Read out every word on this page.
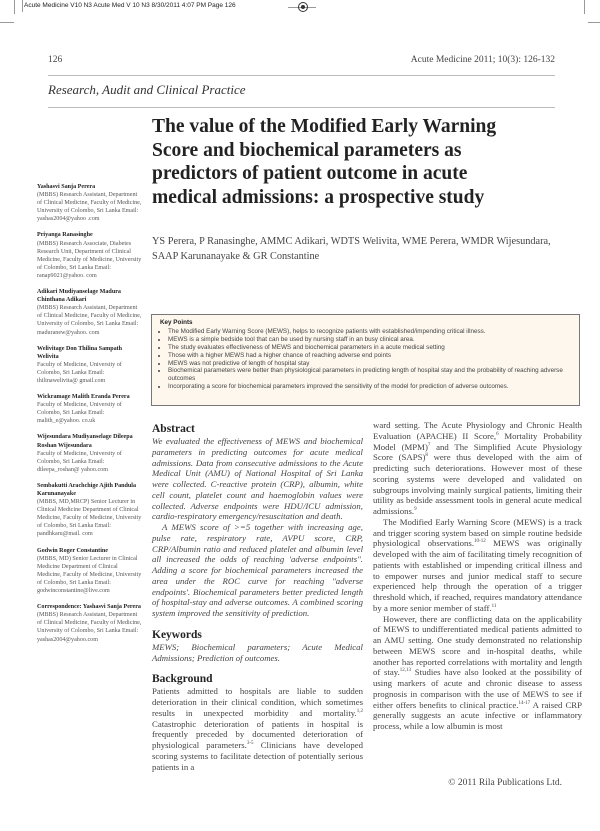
Acute Medicine V10 N3 Acute Med V 10 N3 8/30/2011 4:07 PM Page 126
126	Acute Medicine 2011; 10(3): 126-132
Research, Audit and Clinical Practice
The value of the Modified Early Warning Score and biochemical parameters as predictors of patient outcome in acute medical admissions: a prospective study
YS Perera, P Ranasinghe, AMMC Adikari, WDTS Welivita, WME Perera, WMDR Wijesundara, SAAP Karunanayake & GR Constantine
Yashasvi Sanja Perera
(MBBS) Research Assistant, Department of Clinical Medicine, Faculty of Medicine, University of Colombo, Sri Lanka Email: yashas2004@yahoo .com
Priyanga Ranasinghe
(MBBS) Research Associate, Diabetes Research Unit, Department of Clinical Medicine, Faculty of Medicine, University of Colombo, Sri Lanka Email: ranap9021@yahoo. com
Adikari Mudiyanselage Madura Chinthana Adikari
(MBBS) Research Assistant, Department of Clinical Medicine, Faculty of Medicine, University of Colombo, Sri Lanka Email: maduranew@yahoo. com
Welivitage Don Thilina Sampath Welivita
Faculty of Medicine, University of Colombo, Sri Lanka Email: thilinawelivita@ gmail.com
Wickramage Malith Eranda Perera
Faculty of Medicine, University of Colombo, Sri Lanka Email: malith_e@yahoo. co.uk
Wijesundara Mudiyanselage Dileepa Roshan Wijesundara
Faculty of Medicine, University of Colombo, Sri Lanka Email: dileepa_roshan@ yahoo.com
Sembakutti Arachchige Ajith Pandula Karunanayake
(MBBS, MD,MRCP) Senior Lecturer in Clinical Medicine Department of Clinical Medicine, Faculty of Medicine, University of Colombo, Sri Lanka Email: pandhkaru@mail. com
Godwin Roger Constantine
(MBBS, MD) Senior Lecturer in Clinical Medicine Department of Clinical Medicine, Faculty of Medicine, University of Colombo, Sri Lanka Email: godwinconstantine@live.com
Correspondence: Yashasvi Sanja Perera
(MBBS) Research Assistant, Department of Clinical Medicine, Faculty of Medicine, University of Colombo, Sri Lanka Email: yashas2004@yahoo.com
Key Points
• The Modified Early Warning Score (MEWS), helps to recognize patients with established/impending critical illness.
• MEWS is a simple bedside tool that can be used by nursing staff in an busy clinical area.
• The study evaluates effectiveness of MEWS and biochemical parameters in a acute medical setting
• Those with a higher MEWS had a higher chance of reaching adverse end points
• MEWS was not predictive of length of hospital stay
• Biochemical parameters were better than physiological parameters in predicting length of hospital stay and the probability of reaching adverse outcomes
• Incorporating a score for biochemical parameters improved the sensitivity of the model for prediction of adverse outcomes.
Abstract

We evaluated the effectiveness of MEWS and biochemical parameters in predicting outcomes for acute medical admissions. Data from consecutive admissions to the Acute Medical Unit (AMU) of National Hospital of Sri Lanka were collected. C-reactive protein (CRP), albumin, white cell count, platelet count and haemoglobin values were collected. Adverse endpoints were HDU/ICU admission, cardio-respiratory emergency/resuscitation and death.

A MEWS score of >=5 together with increasing age, pulse rate, respiratory rate, AVPU score, CRP, CRP/Albumin ratio and reduced platelet and albumin level all increased the odds of reaching 'adverse endpoints". Adding a score for biochemical parameters increased the area under the ROC curve for reaching "adverse endpoints'. Biochemical parameters better predicted length of hospital-stay and adverse outcomes. A combined scoring system improved the sensitivity of prediction.

Keywords

MEWS; Biochemical parameters; Acute Medical Admissions; Prediction of outcomes.

Background

Patients admitted to hospitals are liable to sudden deterioration in their clinical condition, which sometimes results in unexpected morbidity and mortality.$^{1,2}$ Catastrophic deterioration of patients in hospital is frequently preceded by documented deterioration of physiological parameters.$^{3-5}$ Clinicians have developed scoring systems to facilitate detection of potentially serious patients in a

ward setting. The Acute Physiology and Chronic Health Evaluation (APACHE) II Score,$^6$ Mortality Probability Model (MPM)$^7$ and The Simplified Acute Physiology Score (SAPS)$^8$ were thus developed with the aim of predicting such deteriorations. However most of these scoring systems were developed and validated on subgroups involving mainly surgical patients, limiting their utility as bedside assessment tools in general acute medical admissions.$^9$

The Modified Early Warning Score (MEWS) is a track and trigger scoring system based on simple routine bedside physiological observations.$^{10-12}$ MEWS was originally developed with the aim of facilitating timely recognition of patients with established or impending critical illness and to empower nurses and junior medical staff to secure experienced help through the operation of a trigger threshold which, if reached, requires mandatory attendance by a more senior member of staff.$^{11}$

However, there are conflicting data on the applicability of MEWS to undifferentiated medical patients admitted to an AMU setting. One study demonstrated no relationship between MEWS score and in-hospital deaths, while another has reported correlations with mortality and length of stay.$^{12,13}$ Studies have also looked at the possibility of using markers of acute and chronic disease to assess prognosis in comparison with the use of MEWS to see if either offers benefits to clinical practice.$^{14-17}$ A raised CRP generally suggests an acute infective or inflammatory process, while a low albumin is most

© 2011 Rila Publications Ltd.
